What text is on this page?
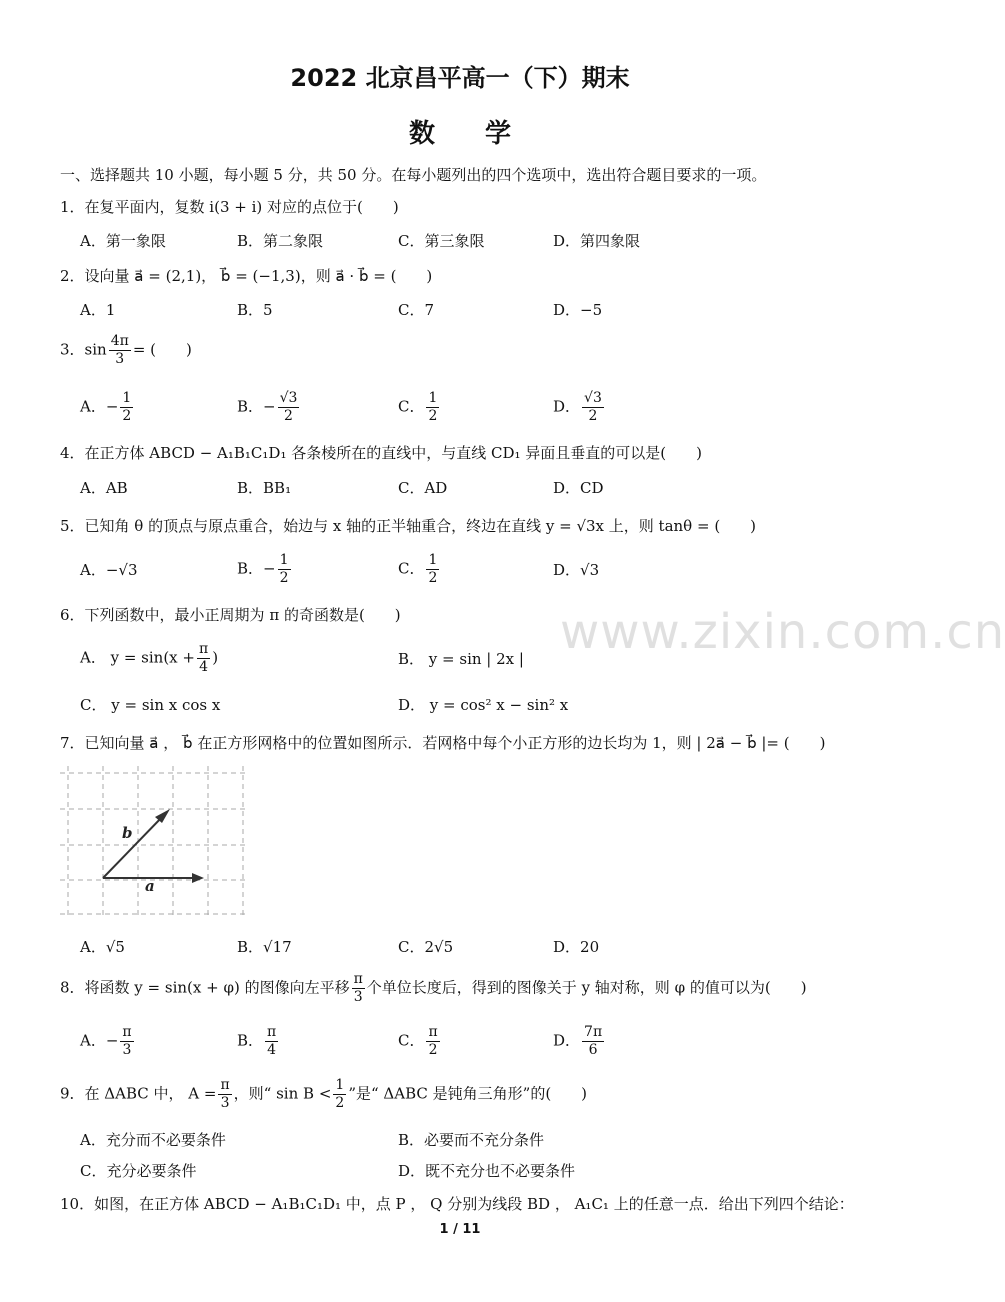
2022 北京昌平高一（下）期末
数学
一、选择题共 10 小题，每小题 5 分，共 50 分。在每小题列出的四个选项中，选出符合题目要求的一项。
1．在复平面内，复数 i(3 + i) 对应的点位于(　　)
A．第一象限	B．第二象限	C．第三象限	D．第四象限
2．设向量 a⃗ = (2,1)， b⃗ = (−1,3)，则 a⃗ · b⃗ = (　　)
A．1	B．5	C．7	D．−5
3．$\sin \frac{4\pi}{3}$ = (　　)
A．− $\frac{1}{2}$	B．− $\frac{√3}{2}$	C． $\frac{1}{2}$	D． $\frac{√3}{2}$
4．在正方体 ABCD − A₁B₁C₁D₁ 各条棱所在的直线中，与直线 CD₁ 异面且垂直的可以是(　　)
A．AB	B．BB₁	C．AD	D．CD
5．已知角 θ 的顶点与原点重合，始边与 x 轴的正半轴重合，终边在直线 y = √3x 上，则 tanθ = (　　)
A．−√3	B．− $\frac{1}{2}$	C． $\frac{1}{2}$	D．√3
6．下列函数中，最小正周期为 π 的奇函数是(　　)
A． $y = \sin(x + \frac{\pi}{4}$ )	B． y = sin | 2x |
C． y = sin x cos x	D． y = cos² x − sin² x
www.zixin.com.cn
7．已知向量 a⃗ ， b⃗ 在正方形网格中的位置如图所示．若网格中每个小正方形的边长均为 1，则 | 2a⃗ − b⃗ |= (　　)
b
a
A．√5	B．√17	C．2√5	D．20
8．将函数 y = sin(x + φ) 的图像向左平移 $\frac{\pi}{3}$ 个单位长度后，得到的图像关于 y 轴对称，则 φ 的值可以为(　　)
A．− $\frac{\pi}{3}$	B． $\frac{\pi}{4}$	C． $\frac{\pi}{2}$	D． $\frac{7\pi}{6}$
9．在 ΔABC 中， $A = \frac{\pi}{3}$ ，则“ $\sin B < \frac{1}{2}$ ”是“ ΔABC 是钝角三角形”的(　　)
A．充分而不必要条件	B．必要而不充分条件
C．充分必要条件	D．既不充分也不必要条件
10．如图，在正方体 ABCD − A₁B₁C₁D₁ 中，点 P ， Q 分别为线段 BD ， A₁C₁ 上的任意一点．给出下列四个结论：
1 / 11
